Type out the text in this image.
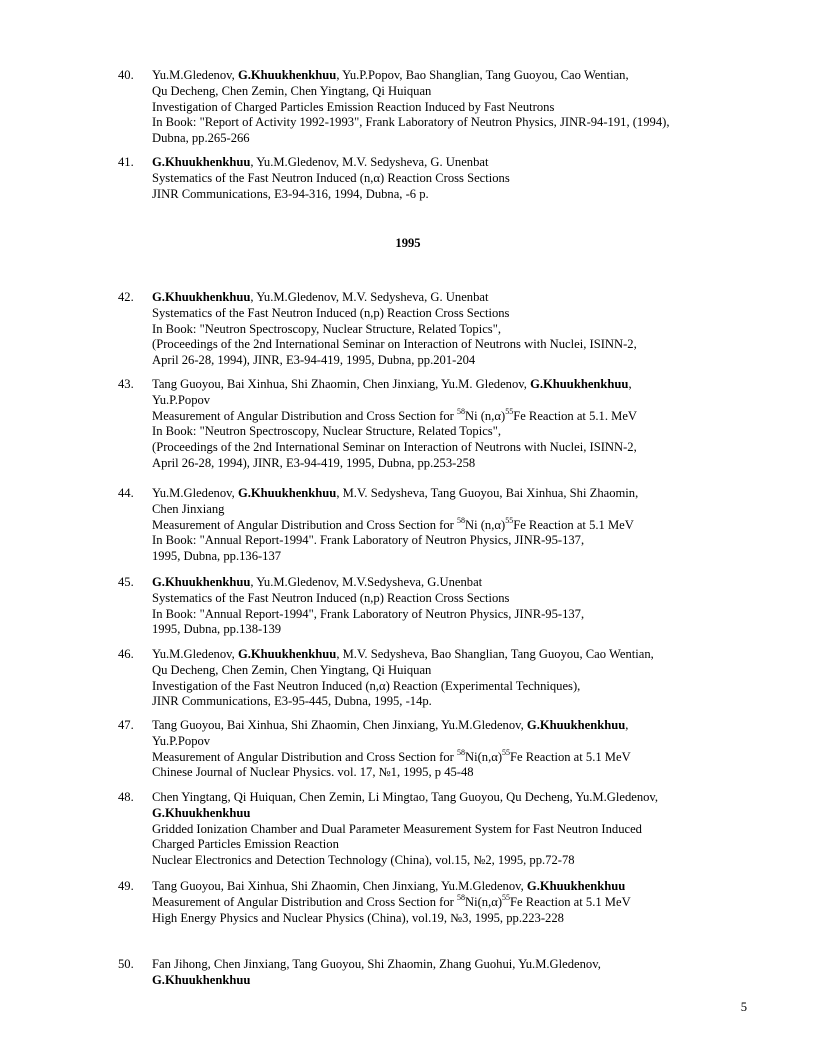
40.	Yu.M.Gledenov, G.Khuukhenkhuu, Yu.P.Popov, Bao Shanglian, Tang Guoyou, Cao Wentian,
Qu Decheng, Chen Zemin, Chen Yingtang, Qi Huiquan
Investigation of Charged Particles Emission Reaction Induced by Fast Neutrons
In Book: "Report of Activity 1992-1993", Frank Laboratory of Neutron Physics, JINR-94-191, (1994),
Dubna, pp.265-266
41.	G.Khuukhenkhuu, Yu.M.Gledenov, M.V. Sedysheva, G. Unenbat
Systematics of the Fast Neutron Induced (n,α) Reaction Cross Sections
JINR Communications, E3-94-316, 1994, Dubna, -6 p.
42.	G.Khuukhenkhuu, Yu.M.Gledenov, M.V. Sedysheva, G. Unenbat
Systematics of the Fast Neutron Induced (n,p) Reaction Cross Sections
In Book: "Neutron Spectroscopy, Nuclear Structure, Related Topics",
(Proceedings of the 2nd International Seminar on Interaction of Neutrons with Nuclei, ISINN-2,
April 26-28, 1994), JINR, E3-94-419, 1995, Dubna, pp.201-204
43.	Tang Guoyou, Bai Xinhua, Shi Zhaomin, Chen Jinxiang, Yu.M. Gledenov, G.Khuukhenkhuu,
Yu.P.Popov
Measurement of Angular Distribution and Cross Section for $^{58}$Ni $(n,\alpha)^{55}Fe$ Reaction at 5.1. MeV
In Book: "Neutron Spectroscopy, Nuclear Structure, Related Topics",
(Proceedings of the 2nd International Seminar on Interaction of Neutrons with Nuclei, ISINN-2,
April 26-28, 1994), JINR, E3-94-419, 1995, Dubna, pp.253-258
44.	Yu.M.Gledenov, G.Khuukhenkhuu, M.V. Sedysheva, Tang Guoyou, Bai Xinhua, Shi Zhaomin,
Chen Jinxiang
Measurement of Angular Distribution and Cross Section for $^{58}$Ni $(n,\alpha)^{55}Fe$ Reaction at 5.1 MeV
In Book: "Annual Report-1994". Frank Laboratory of Neutron Physics, JINR-95-137,
1995, Dubna, pp.136-137
45.	G.Khuukhenkhuu, Yu.M.Gledenov, M.V.Sedysheva, G.Unenbat
Systematics of the Fast Neutron Induced (n,p) Reaction Cross Sections
In Book: "Annual Report-1994", Frank Laboratory of Neutron Physics, JINR-95-137,
1995, Dubna, pp.138-139
46.	Yu.M.Gledenov, G.Khuukhenkhuu, M.V. Sedysheva, Bao Shanglian, Tang Guoyou, Cao Wentian,
Qu Decheng, Chen Zemin, Chen Yingtang, Qi Huiquan
Investigation of the Fast Neutron Induced (n,α) Reaction (Experimental Techniques),
JINR Communications, E3-95-445, Dubna, 1995, -14p.
47.	Tang Guoyou, Bai Xinhua, Shi Zhaomin, Chen Jinxiang, Yu.M.Gledenov, G.Khuukhenkhuu,
Yu.P.Popov
Measurement of Angular Distribution and Cross Section for $^{58}Ni(n,\alpha)^{55}Fe$ Reaction at 5.1 MeV
Chinese Journal of Nuclear Physics. vol. 17, №1, 1995, p 45-48
48.	Chen Yingtang, Qi Huiquan, Chen Zemin, Li Mingtao, Tang Guoyou, Qu Decheng, Yu.M.Gledenov,
G.Khuukhenkhuu
Gridded Ionization Chamber and Dual Parameter Measurement System for Fast Neutron Induced
Charged Particles Emission Reaction
Nuclear Electronics and Detection Technology (China), vol.15, №2, 1995, pp.72-78
49.	Tang Guoyou, Bai Xinhua, Shi Zhaomin, Chen Jinxiang, Yu.M.Gledenov, G.Khuukhenkhuu
Measurement of Angular Distribution and Cross Section for $^{58}Ni(n,\alpha)^{55}Fe$ Reaction at 5.1 MeV
High Energy Physics and Nuclear Physics (China), vol.19, №3, 1995, pp.223-228
50.	Fan Jihong, Chen Jinxiang, Tang Guoyou, Shi Zhaomin, Zhang Guohui, Yu.M.Gledenov,
G.Khuukhenkhuu
1995
5
